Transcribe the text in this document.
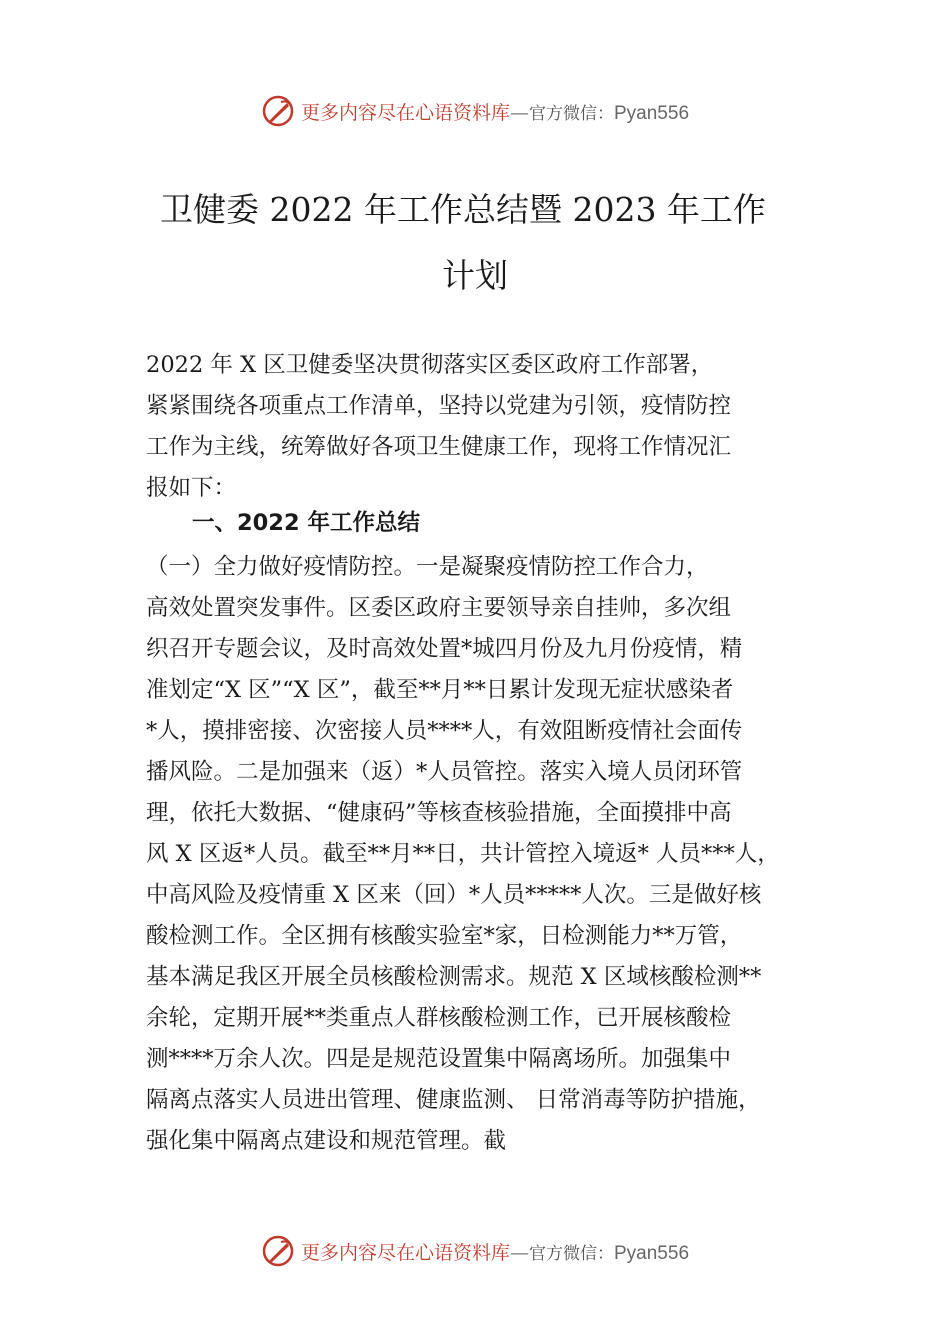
更多内容尽在心语资料库—官方微信：Pyan556
卫健委 2022 年工作总结暨 2023 年工作
计划
2022 年 X 区卫健委坚决贯彻落实区委区政府工作部署，
紧紧围绕各项重点工作清单，坚持以党建为引领，疫情防控
工作为主线，统筹做好各项卫生健康工作，现将工作情况汇
报如下：
一、2022 年工作总结
（一）全力做好疫情防控。一是凝聚疫情防控工作合力，
高效处置突发事件。区委区政府主要领导亲自挂帅，多次组
织召开专题会议，及时高效处置*城四月份及九月份疫情，精
准划定“X 区”“X 区”，截至**月**日累计发现无症状感染者
*人，摸排密接、次密接人员****人，有效阻断疫情社会面传
播风险。二是加强来（返）*人员管控。落实入境人员闭环管
理，依托大数据、“健康码”等核查核验措施，全面摸排中高
风 X 区返*人员。截至**月**日，共计管控入境返* 人员***人，
中高风险及疫情重 X 区来（回）*人员*****人次。三是做好核
酸检测工作。全区拥有核酸实验室*家，日检测能力**万管，
基本满足我区开展全员核酸检测需求。规范 X 区域核酸检测**
余轮，定期开展**类重点人群核酸检测工作，已开展核酸检
测****万余人次。四是是规范设置集中隔离场所。加强集中
隔离点落实人员进出管理、健康监测、 日常消毒等防护措施，
强化集中隔离点建设和规范管理。截
更多内容尽在心语资料库—官方微信：Pyan556
